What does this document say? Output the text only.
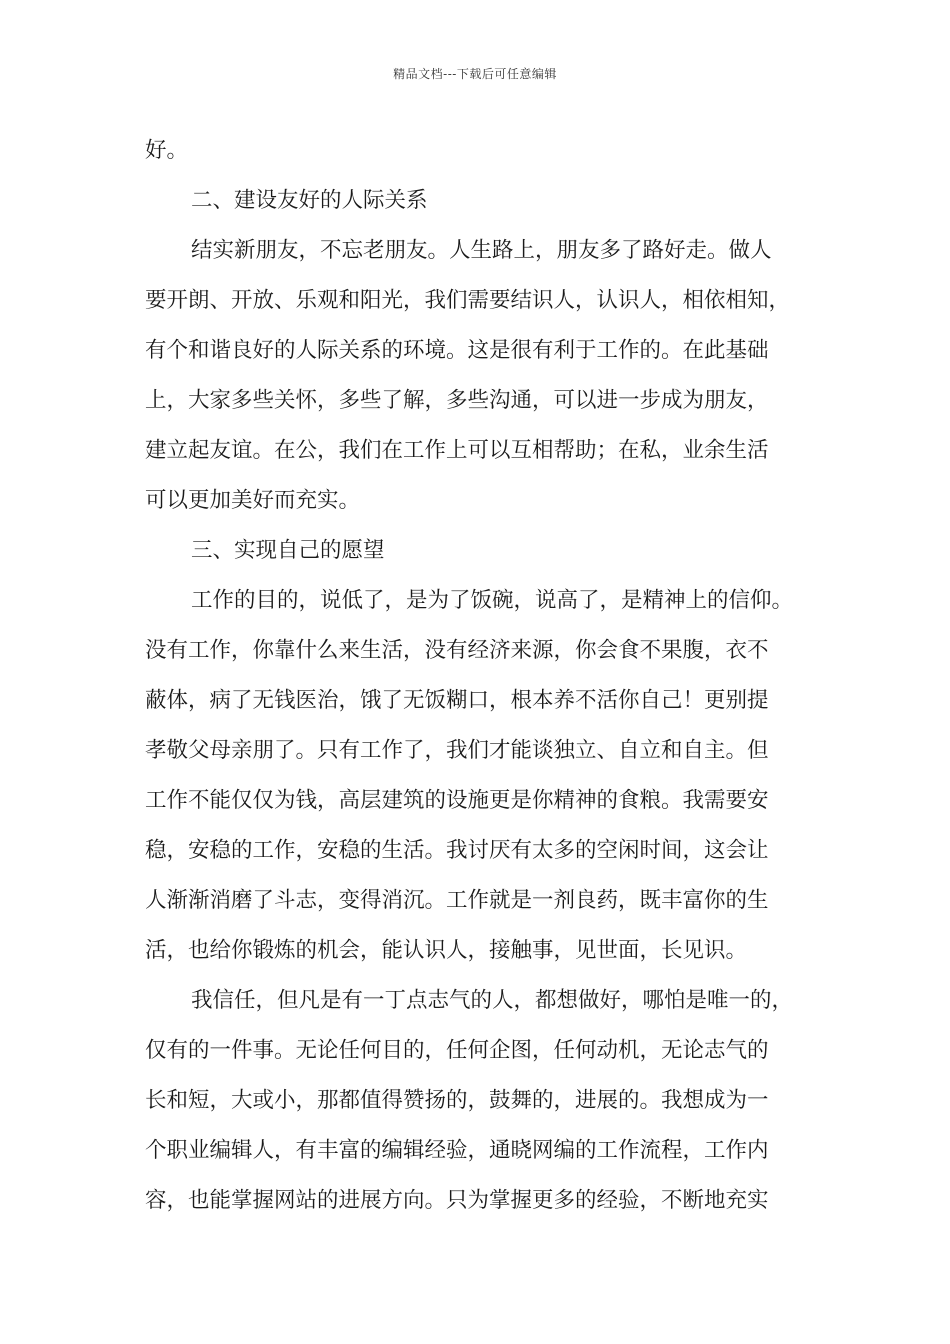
精品文档---下载后可任意编辑
好。
二、建设友好的人际关系
结实新朋友，不忘老朋友。人生路上，朋友多了路好走。做人
要开朗、开放、乐观和阳光，我们需要结识人，认识人，相依相知，
有个和谐良好的人际关系的环境。这是很有利于工作的。在此基础
上，大家多些关怀，多些了解，多些沟通，可以进一步成为朋友，
建立起友谊。在公，我们在工作上可以互相帮助；在私，业余生活
可以更加美好而充实。
三、实现自己的愿望
工作的目的，说低了，是为了饭碗，说高了，是精神上的信仰。
没有工作，你靠什么来生活，没有经济来源，你会食不果腹，衣不
蔽体，病了无钱医治，饿了无饭糊口，根本养不活你自己！更别提
孝敬父母亲朋了。只有工作了，我们才能谈独立、自立和自主。但
工作不能仅仅为钱，高层建筑的设施更是你精神的食粮。我需要安
稳，安稳的工作，安稳的生活。我讨厌有太多的空闲时间，这会让
人渐渐消磨了斗志，变得消沉。工作就是一剂良药，既丰富你的生
活，也给你锻炼的机会，能认识人，接触事，见世面，长见识。
我信任，但凡是有一丁点志气的人，都想做好，哪怕是唯一的，
仅有的一件事。无论任何目的，任何企图，任何动机，无论志气的
长和短，大或小，那都值得赞扬的，鼓舞的，进展的。我想成为一
个职业编辑人，有丰富的编辑经验，通晓网编的工作流程，工作内
容，也能掌握网站的进展方向。只为掌握更多的经验，不断地充实
